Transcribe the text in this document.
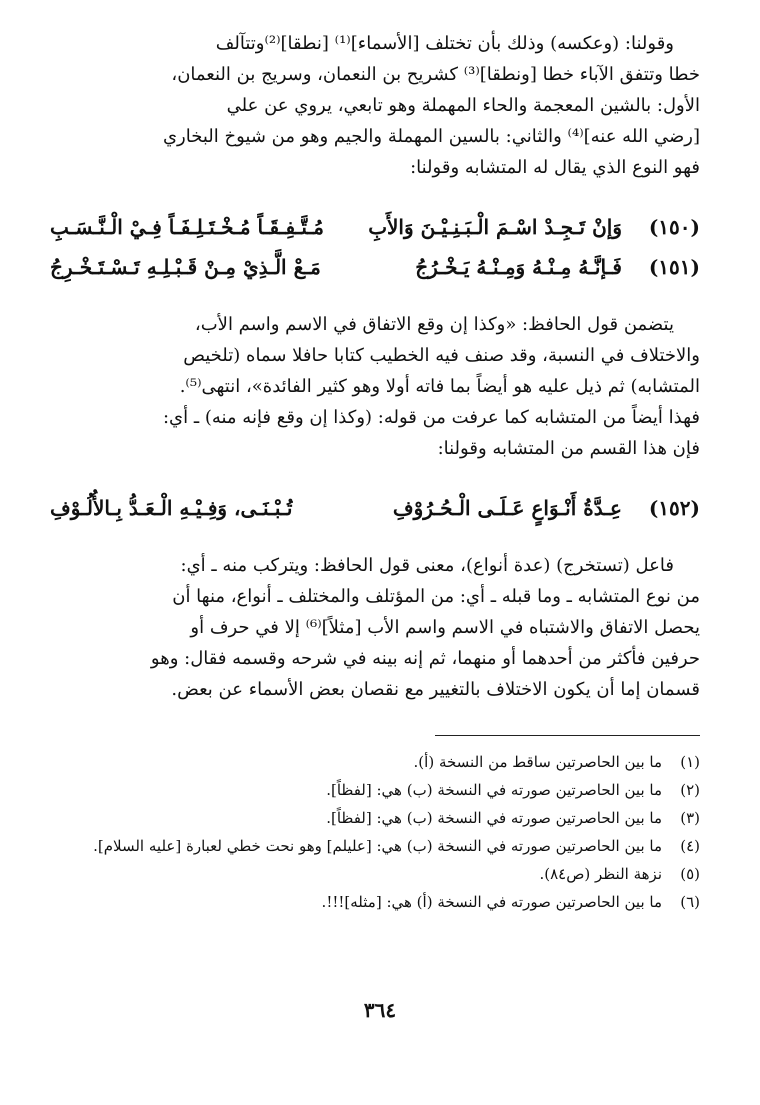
وقولنا: (وعكسه) وذلك بأن تختلف [الأسماء]⁽¹⁾ [نطقا]⁽²⁾وتتآلف

خطا وتتفق الآباء خطا [ونطقا]⁽³⁾ كشريح بن النعمان، وسريج بن النعمان،

الأول: بالشين المعجمة والحاء المهملة وهو تابعي، يروي عن علي

[رضي الله عنه]⁽⁴⁾ والثاني: بالسين المهملة والجيم وهو من شيوخ البخاري

فهو النوع الذي يقال له المتشابه وقولنا:

(١٥٠)
وَإنْ تَـجِـدْ اسْـمَ الْـبَـنِـيْـنَ وَالأَبِ
مُـتَّـفِـقَـاً مُـخْـتَـلِـفَـاً فِـيْ الْـنَّـسَـبِ
(١٥١)
فَـإنَّـهُ مِـنْـهُ وَمِـنْـهُ يَـخْـرُجُ
مَـعْ الَّـذِيْ مِـنْ قَـبْـلِـهِ تَـسْـتَـخْـرِجُ

يتضمن قول الحافظ: «وكذا إن وقع الاتفاق في الاسم واسم الأب،

والاختلاف في النسبة، وقد صنف فيه الخطيب كتابا حافلا سماه (تلخيص

المتشابه) ثم ذيل عليه هو أيضاً بما فاته أولا وهو كثير الفائدة»، انتهى⁽⁵⁾.

فهذا أيضاً من المتشابه كما عرفت من قوله: (وكذا إن وقع فإنه منه) ـ أي:

فإن هذا القسم من المتشابه وقولنا:

(١٥٢)
عِـدَّةُ أَنْـوَاعٍ عَـلَـى الْـحُـرُوْفِ
تُـبْـنَـى، وَفِـيْـهِ الْـعَـدُّ بِـالأُلُـوْفِ

فاعل (تستخرج) (عدة أنواع)، معنى قول الحافظ: ويتركب منه ـ أي:

من نوع المتشابه ـ وما قبله ـ أي: من المؤتلف والمختلف ـ أنواع، منها أن

يحصل الاتفاق والاشتباه في الاسم واسم الأب [مثلاً]⁽⁶⁾ إلا في حرف أو

حرفين فأكثر من أحدهما أو منهما، ثم إنه بينه في شرحه وقسمه فقال: وهو

قسمان إما أن يكون الاختلاف بالتغيير مع نقصان بعض الأسماء عن بعض.

(١)
ما بين الحاصرتين ساقط من النسخة (أ).
(٢)
ما بين الحاصرتين صورته في النسخة (ب) هي: [لفظاً].
(٣)
ما بين الحاصرتين صورته في النسخة (ب) هي: [لفظاً].
(٤)
ما بين الحاصرتين صورته في النسخة (ب) هي: [عليلم] وهو نحت خطي لعبارة [عليه السلام].
(٥)
نزهة النظر (ص٨٤).
(٦)
ما بين الحاصرتين صورته في النسخة (أ) هي: [مثله]!!!.
٣٦٤
